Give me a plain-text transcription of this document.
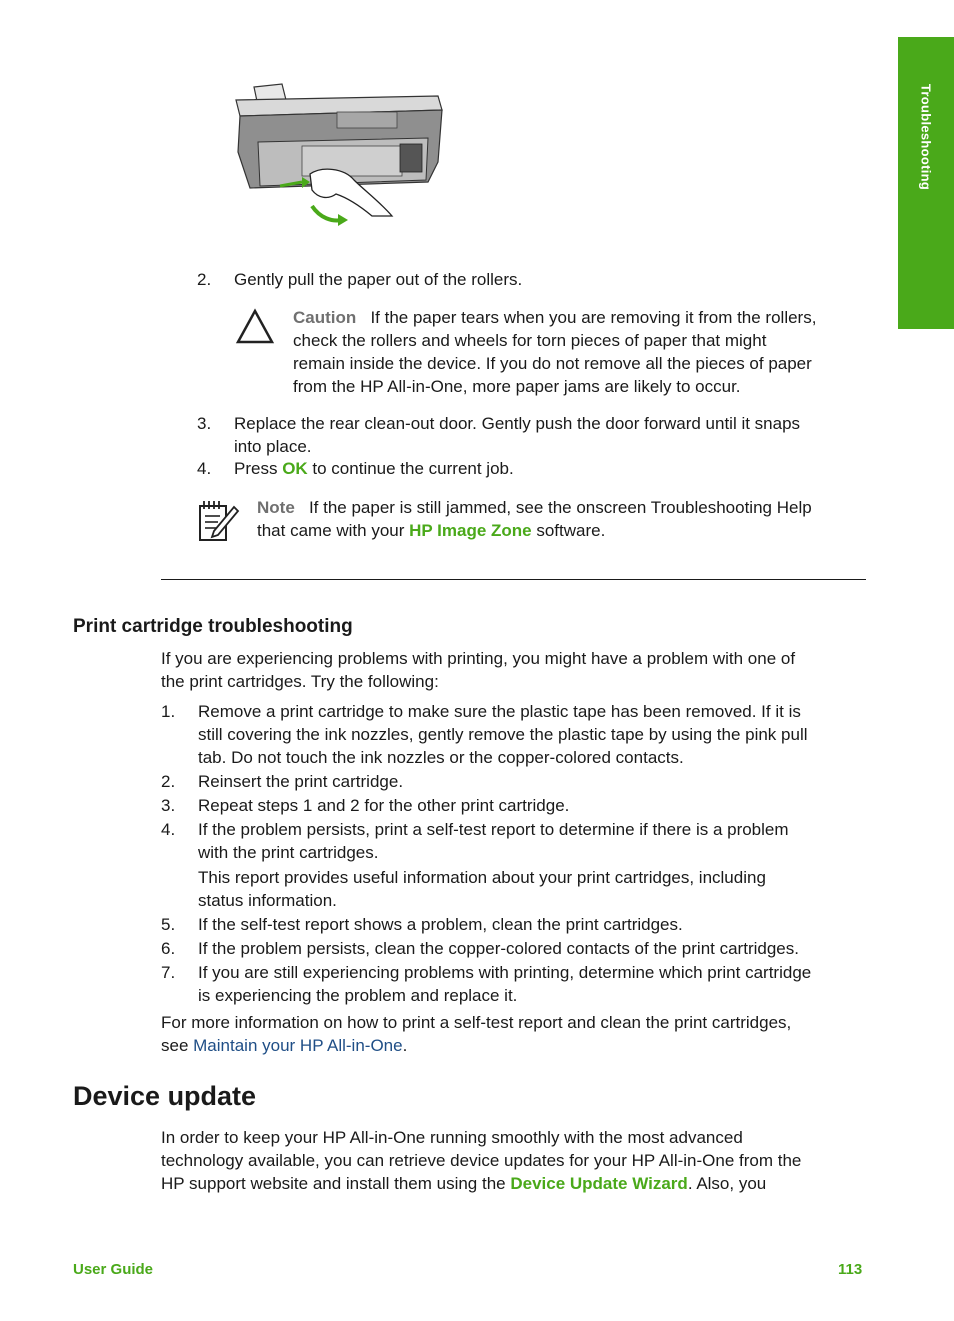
Troubleshooting
2. Gently pull the paper out of the rollers.
Caution If the paper tears when you are removing it from the rollers,
check the rollers and wheels for torn pieces of paper that might
remain inside the device. If you do not remove all the pieces of paper
from the HP All-in-One, more paper jams are likely to occur.
3. Replace the rear clean-out door. Gently push the door forward until it snaps
into place.
4. Press OK to continue the current job.
Note If the paper is still jammed, see the onscreen Troubleshooting Help
that came with your HP Image Zone software.
Print cartridge troubleshooting
If you are experiencing problems with printing, you might have a problem with one of
the print cartridges. Try the following:
1. Remove a print cartridge to make sure the plastic tape has been removed. If it is
still covering the ink nozzles, gently remove the plastic tape by using the pink pull
tab. Do not touch the ink nozzles or the copper-colored contacts.
2. Reinsert the print cartridge.
3. Repeat steps 1 and 2 for the other print cartridge.
4. If the problem persists, print a self-test report to determine if there is a problem
with the print cartridges.
This report provides useful information about your print cartridges, including
status information.
5. If the self-test report shows a problem, clean the print cartridges.
6. If the problem persists, clean the copper-colored contacts of the print cartridges.
7. If you are still experiencing problems with printing, determine which print cartridge
is experiencing the problem and replace it.
For more information on how to print a self-test report and clean the print cartridges,
see Maintain your HP All-in-One.
Device update
In order to keep your HP All-in-One running smoothly with the most advanced
technology available, you can retrieve device updates for your HP All-in-One from the
HP support website and install them using the Device Update Wizard. Also, you
User Guide	113
